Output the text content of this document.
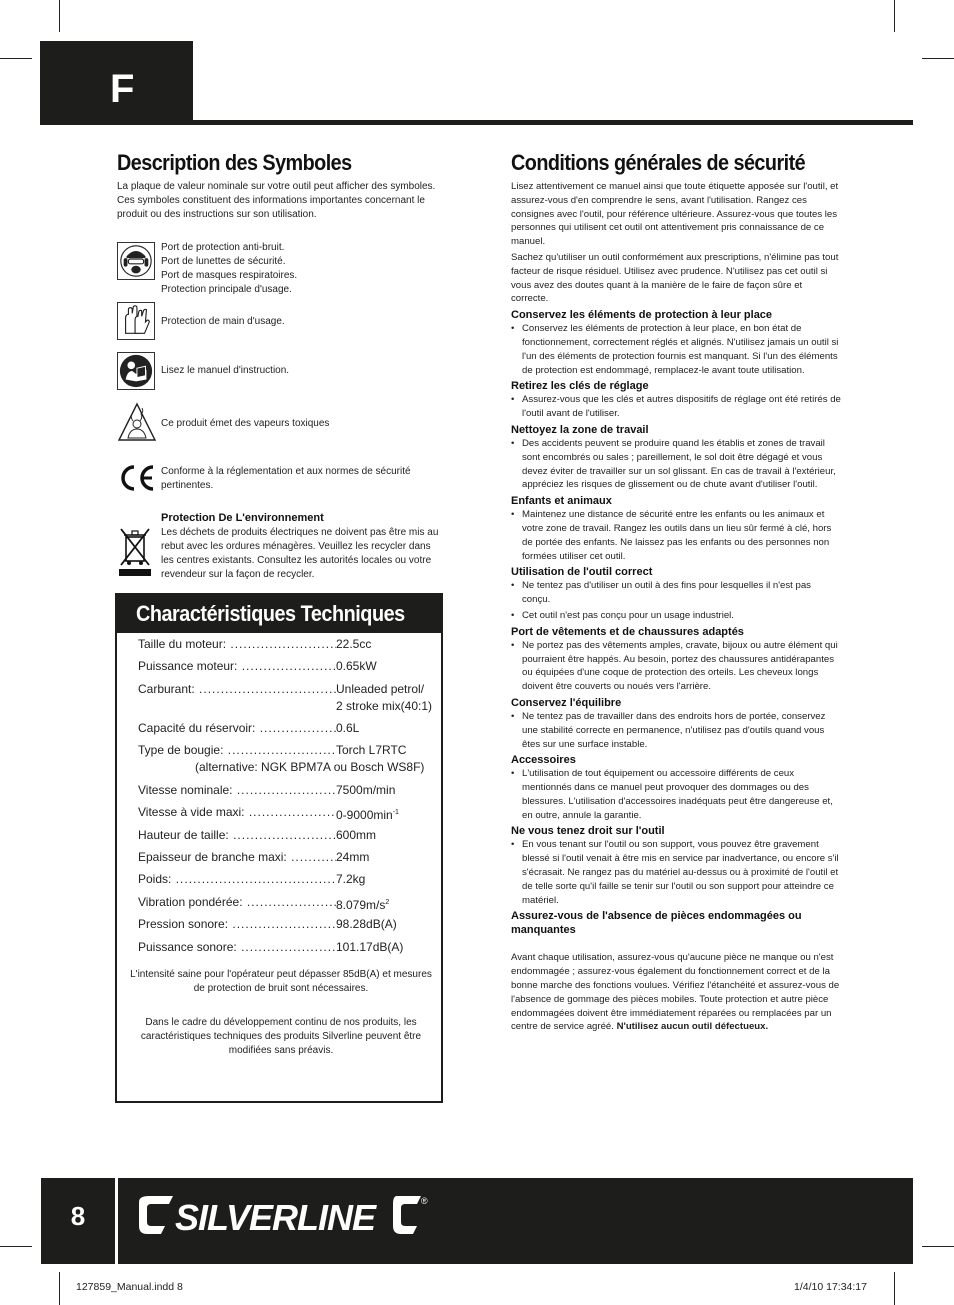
F
Description des Symboles
La plaque de valeur nominale sur votre outil peut afficher des symboles. Ces symboles constituent des informations importantes concernant le produit ou des instructions sur son utilisation.
Port de protection anti-bruit.
Port de lunettes de sécurité.
Port de masques respiratoires.
Protection principale d'usage.
Protection de main d'usage.
Lisez le manuel d'instruction.
Ce produit émet des vapeurs toxiques
Conforme à la réglementation et aux normes de sécurité pertinentes.
Protection De L'environnement
Les déchets de produits électriques ne doivent pas être mis au rebut avec les ordures ménagères. Veuillez les recycler dans les centres existants. Consultez les autorités locales ou votre revendeur sur la façon de recycler.
Charactéristiques Techniques
Taille du moteur: .....	22.5cc
Puissance moteur: .....	0.65kW
Carburant: .....	Unleaded petrol/
2 stroke mix(40:1)
Capacité du réservoir: .....	0.6L
Type de bougie: .....	Torch L7RTC
(alternative: NGK BPM7A ou Bosch WS8F)
Vitesse nominale: .....	7500m/min
Vitesse à vide maxi: .....	$0-9000\min^{-1}$
Hauteur de taille: .....	600mm
Epaisseur de branche maxi: .....	24mm
Poids: .....	7.2kg
Vibration pondérée: .....	$8.079m/s^2$
Pression sonore: .....	98.28dB(A)
Puissance sonore: .....	101.17dB(A)
L'intensité saine pour l'opérateur peut dépasser 85dB(A) et mesures de protection de bruit sont nécessaires.
Dans le cadre du développement continu de nos produits, les caractéristiques techniques des produits Silverline peuvent être modifiées sans préavis.
Conditions générales de sécurité
Lisez attentivement ce manuel ainsi que toute étiquette apposée sur l'outil, et assurez-vous d'en comprendre le sens, avant l'utilisation. Rangez ces consignes avec l'outil, pour référence ultérieure. Assurez-vous que toutes les personnes qui utilisent cet outil ont attentivement pris connaissance de ce manuel.
Sachez qu'utiliser un outil conformément aux prescriptions, n'élimine pas tout facteur de risque résiduel. Utilisez avec prudence. N'utilisez pas cet outil si vous avez des doutes quant à la manière de le faire de façon sûre et correcte.
Conservez les éléments de protection à leur place
• Conservez les éléments de protection à leur place, en bon état de fonctionnement, correctement réglés et alignés. N'utilisez jamais un outil si l'un des éléments de protection fournis est manquant. Si l'un des éléments de protection est endommagé, remplacez-le avant toute utilisation.
Retirez les clés de réglage
• Assurez-vous que les clés et autres dispositifs de réglage ont été retirés de l'outil avant de l'utiliser.
Nettoyez la zone de travail
• Des accidents peuvent se produire quand les établis et zones de travail sont encombrés ou sales ; pareillement, le sol doit être dégagé et vous devez éviter de travailler sur un sol glissant. En cas de travail à l'extérieur, appréciez les risques de glissement ou de chute avant d'utiliser l'outil.
Enfants et animaux
• Maintenez une distance de sécurité entre les enfants ou les animaux et votre zone de travail. Rangez les outils dans un lieu sûr fermé à clé, hors de portée des enfants. Ne laissez pas les enfants ou des personnes non formées utiliser cet outil.
Utilisation de l'outil correct
• Ne tentez pas d'utiliser un outil à des fins pour lesquelles il n'est pas conçu.
• Cet outil n'est pas conçu pour un usage industriel.
Port de vêtements et de chaussures adaptés
• Ne portez pas des vêtements amples, cravate, bijoux ou autre élément qui pourraient être happés. Au besoin, portez des chaussures antidérapantes ou équipées d'une coque de protection des orteils. Les cheveux longs doivent être couverts ou noués vers l'arrière.
Conservez l'équilibre
• Ne tentez pas de travailler dans des endroits hors de portée, conservez une stabilité correcte en permanence, n'utilisez pas d'outils quand vous êtes sur une surface instable.
Accessoires
• L'utilisation de tout équipement ou accessoire différents de ceux mentionnés dans ce manuel peut provoquer des dommages ou des blessures. L'utilisation d'accessoires inadéquats peut être dangereuse et, en outre, annule la garantie.
Ne vous tenez droit sur l'outil
• En vous tenant sur l'outil ou son support, vous pouvez être gravement blessé si l'outil venait à être mis en service par inadvertance, ou encore s'il s'écrasait. Ne rangez pas du matériel au-dessus ou à proximité de l'outil et de telle sorte qu'il faille se tenir sur l'outil ou son support pour atteindre ce matériel.
Assurez-vous de l'absence de pièces endommagées ou manquantes
Avant chaque utilisation, assurez-vous qu'aucune pièce ne manque ou n'est endommagée ; assurez-vous également du fonctionnement correct et de la bonne marche des fonctions voulues. Vérifiez l'étanchéité et assurez-vous de l'absence de gommage des pièces mobiles. Toute protection et autre pièce endommagées doivent être immédiatement réparées ou remplacées par un centre de service agréé. N'utilisez aucun outil défectueux.
8	SILVERLINE	®
127859_Manual.indd 8	1/4/10 17:34:17
